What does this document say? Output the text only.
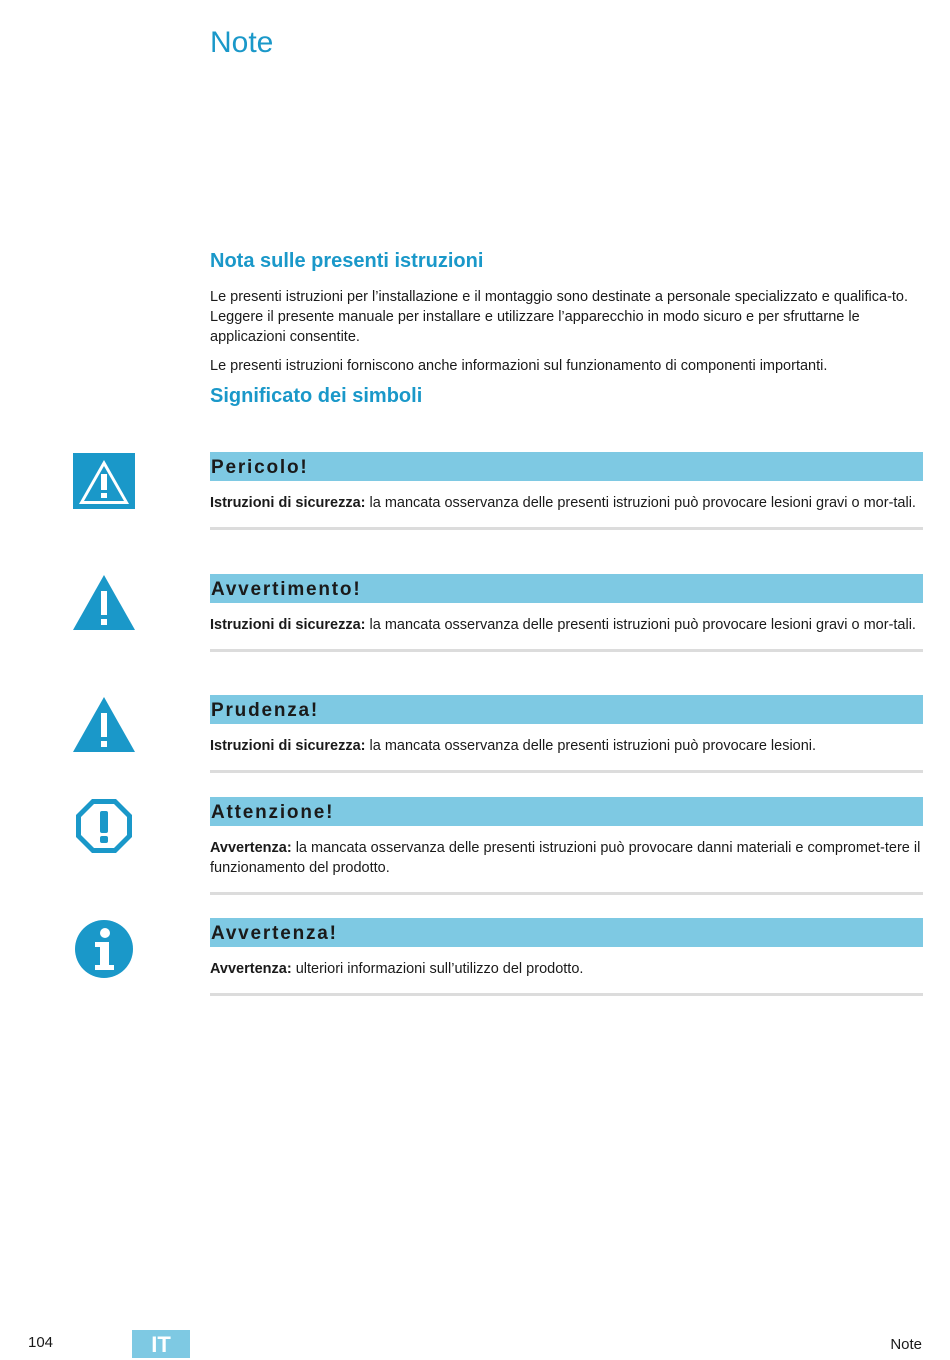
Note
Nota sulle presenti istruzioni

Le presenti istruzioni per l’installazione e il montaggio sono destinate a personale specializzato e qualifica-to. Leggere il presente manuale per installare e utilizzare l’apparecchio in modo sicuro e per sfruttarne le applicazioni consentite.

Le presenti istruzioni forniscono anche informazioni sul funzionamento di componenti importanti.

Significato dei simboli
Pericolo!

Istruzioni di sicurezza: la mancata osservanza delle presenti istruzioni può provocare lesioni gravi o mor-tali.

Avvertimento!

Istruzioni di sicurezza: la mancata osservanza delle presenti istruzioni può provocare lesioni gravi o mor-tali.

Prudenza!

Istruzioni di sicurezza: la mancata osservanza delle presenti istruzioni può provocare lesioni.

Attenzione!

Avvertenza: la mancata osservanza delle presenti istruzioni può provocare danni materiali e compromet-tere il funzionamento del prodotto.

Avvertenza!

Avvertenza: ulteriori informazioni sull’utilizzo del prodotto.

104	IT	Note
